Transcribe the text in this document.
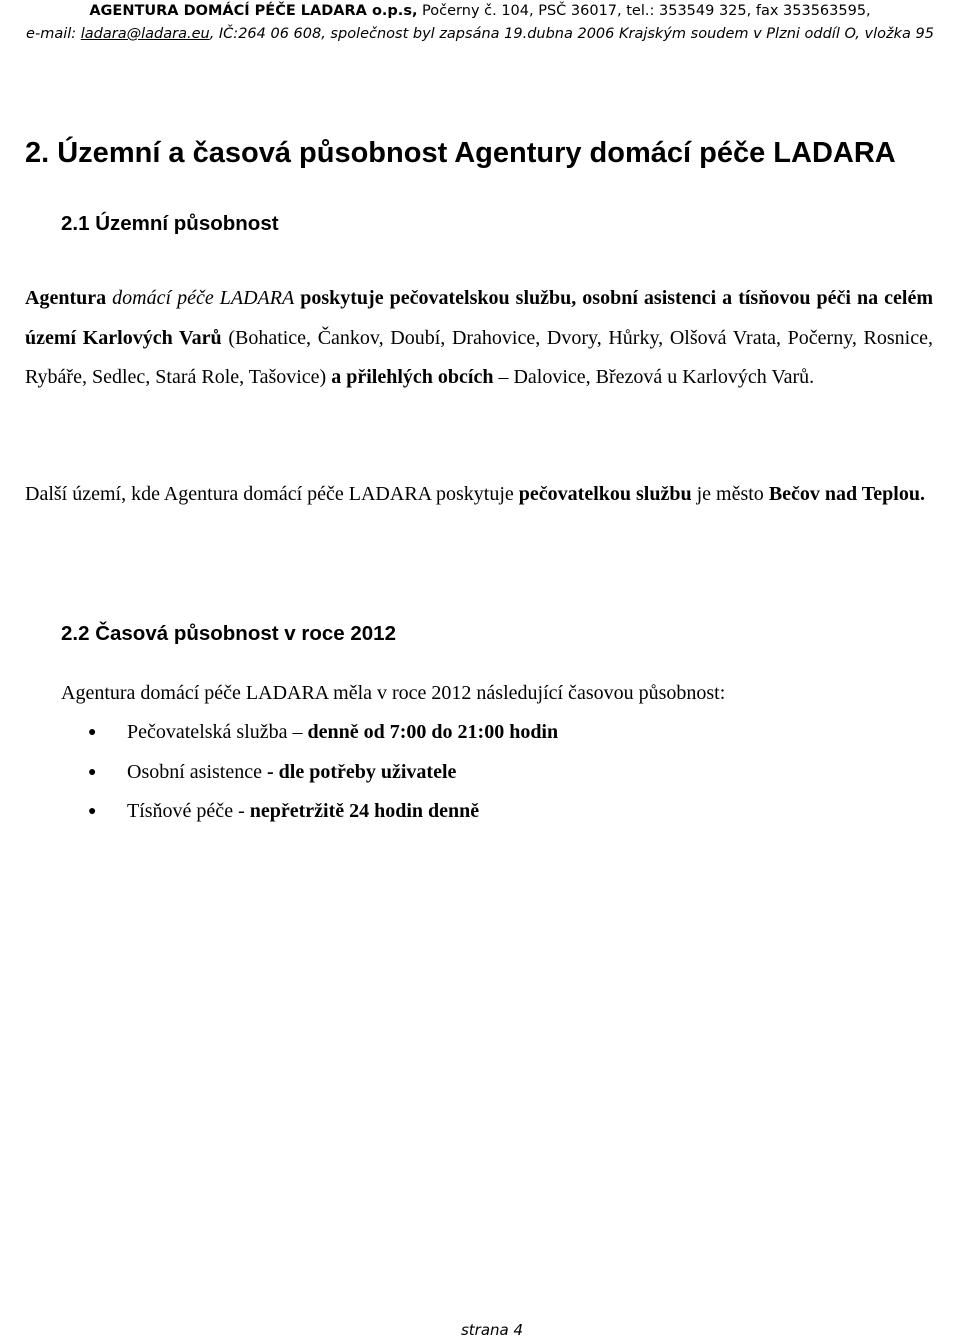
AGENTURA DOMÁCÍ PÉČE LADARA o.p.s, Počerny č. 104, PSČ 36017, tel.: 353549 325, fax 353563595,
e-mail: ladara@ladara.eu, IČ:264 06 608, společnost byl zapsána 19.dubna 2006 Krajským soudem v Plzni oddíl O, vložka 95
2. Územní a časová působnost Agentury domácí péče LADARA
2.1 Územní působnost

Agentura domácí péče LADARA poskytuje pečovatelskou službu, osobní asistenci a tísňovou péči na celém území Karlových Varů (Bohatice, Čankov, Doubí, Drahovice, Dvory, Hůrky, Olšová Vrata, Počerny, Rosnice, Rybáře, Sedlec, Stará Role, Tašovice) a přilehlých obcích – Dalovice, Březová u Karlových Varů.

Další území, kde Agentura domácí péče LADARA poskytuje pečovatelkou službu je město Bečov nad Teplou.

2.2 Časová působnost v roce 2012

Agentura domácí péče LADARA měla v roce 2012 následující časovou působnost:

● Pečovatelská služba – denně od 7:00 do 21:00 hodin
● Osobní asistence - dle potřeby uživatele
● Tísňové péče - nepřetržitě 24 hodin denně
strana 4
